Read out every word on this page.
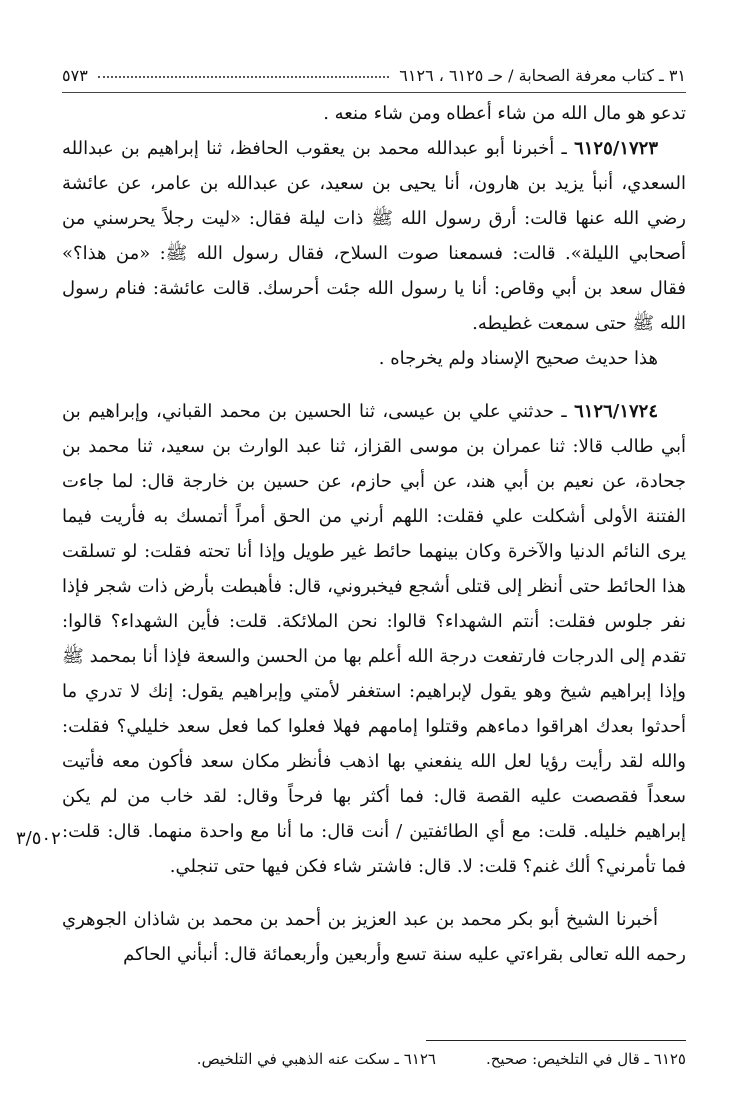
٣١ ـ كتاب معرفة الصحابة / حـ ٦١٢٥ ، ٦١٢٦
٥٧٣

تدعو هو مال الله من شاء أعطاه ومن شاء منعه .

٦١٢٥/١٧٢٣ ـ أخبرنا أبو عبدالله محمد بن يعقوب الحافظ، ثنا إبراهيم بن عبدالله السعدي، أنبأ يزيد بن هارون، أنا يحيى بن سعيد، عن عبدالله بن عامر، عن عائشة رضي الله عنها قالت: أرق رسول الله ﷺ ذات ليلة فقال: «ليت رجلاً يحرسني من أصحابي الليلة». قالت: فسمعنا صوت السلاح، فقال رسول الله ﷺ: «من هذا؟» فقال سعد بن أبي وقاص: أنا يا رسول الله جئت أحرسك. قالت عائشة: فنام رسول الله ﷺ حتى سمعت غطيطه.

هذا حديث صحيح الإسناد ولم يخرجاه .

٦١٢٦/١٧٢٤ ـ حدثني علي بن عيسى، ثنا الحسين بن محمد القباني، وإبراهيم بن أبي طالب قالا: ثنا عمران بن موسى القزاز، ثنا عبد الوارث بن سعيد، ثنا محمد بن جحادة، عن نعيم بن أبي هند، عن أبي حازم، عن حسين بن خارجة قال: لما جاءت الفتنة الأولى أشكلت علي فقلت: اللهم أرني من الحق أمراً أتمسك به فأريت فيما يرى النائم الدنيا والآخرة وكان بينهما حائط غير طويل وإذا أنا تحته فقلت: لو تسلقت هذا الحائط حتى أنظر إلى قتلى أشجع فيخبروني، قال: فأهبطت بأرض ذات شجر فإذا نفر جلوس فقلت: أنتم الشهداء؟ قالوا: نحن الملائكة. قلت: فأين الشهداء؟ قالوا: تقدم إلى الدرجات فارتفعت درجة الله أعلم بها من الحسن والسعة فإذا أنا بمحمد ﷺ وإذا إبراهيم شيخ وهو يقول لإبراهيم: استغفر لأمتي وإبراهيم يقول: إنك لا تدري ما أحدثوا بعدك اهراقوا دماءهم وقتلوا إمامهم فهلا فعلوا كما فعل سعد خليلي؟ فقلت: والله لقد رأيت رؤيا لعل الله ينفعني بها اذهب فأنظر مكان سعد فأكون معه فأتيت سعداً فقصصت عليه القصة قال: فما أكثر بها فرحاً وقال: لقد خاب من لم يكن إبراهيم خليله. قلت: مع أي الطائفتين / أنت قال: ما أنا مع واحدة منهما. قال: قلت: فما تأمرني؟ ألك غنم؟ قلت: لا. قال: فاشتر شاء فكن فيها حتى تنجلي.

أخبرنا الشيخ أبو بكر محمد بن عبد العزيز بن أحمد بن محمد بن شاذان الجوهري رحمه الله تعالى بقراءتي عليه سنة تسع وأربعين وأربعمائة قال: أنبأني الحاكم

٣/٥٠٢
٦١٢٥ ـ قال في التلخيص: صحيح.
٦١٢٦ ـ سكت عنه الذهبي في التلخيص.
